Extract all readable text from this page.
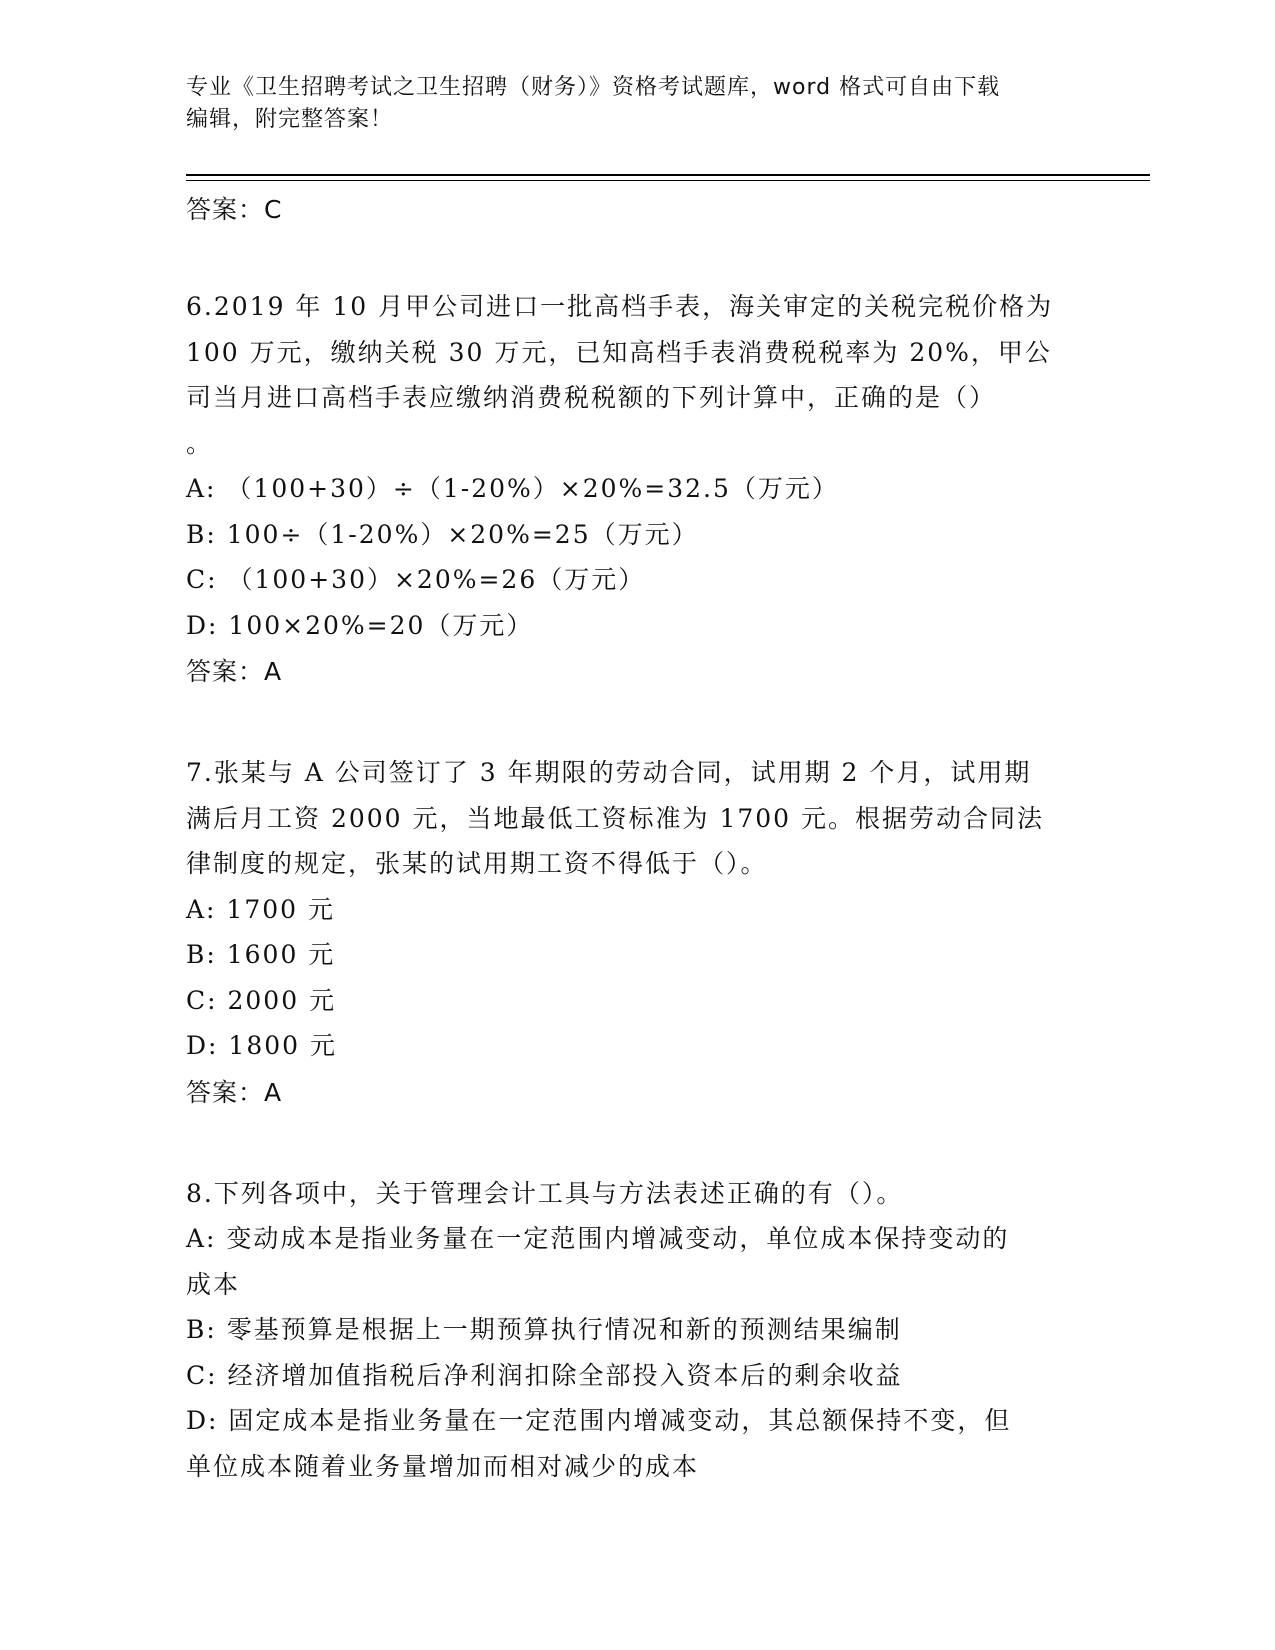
专业《卫生招聘考试之卫生招聘（财务）》资格考试题库，word 格式可自由下载
编辑，附完整答案！
答案：C
6.2019 年 10 月甲公司进口一批高档手表，海关审定的关税完税价格为
100 万元，缴纳关税 30 万元，已知高档手表消费税税率为 20%，甲公
司当月进口高档手表应缴纳消费税税额的下列计算中，正确的是（）
。
A: （100+30）÷（1-20%）×20%=32.5（万元）
B: 100÷（1-20%）×20%=25（万元）
C: （100+30）×20%=26（万元）
D: 100×20%=20（万元）
答案：A
7.张某与 A 公司签订了 3 年期限的劳动合同，试用期 2 个月，试用期
满后月工资 2000 元，当地最低工资标准为 1700 元。根据劳动合同法
律制度的规定，张某的试用期工资不得低于（）。
A: 1700 元
B: 1600 元
C: 2000 元
D: 1800 元
答案：A
8.下列各项中，关于管理会计工具与方法表述正确的有（）。
A: 变动成本是指业务量在一定范围内增减变动，单位成本保持变动的
成本
B: 零基预算是根据上一期预算执行情况和新的预测结果编制
C: 经济增加值指税后净利润扣除全部投入资本后的剩余收益
D: 固定成本是指业务量在一定范围内增减变动，其总额保持不变，但
单位成本随着业务量增加而相对减少的成本
